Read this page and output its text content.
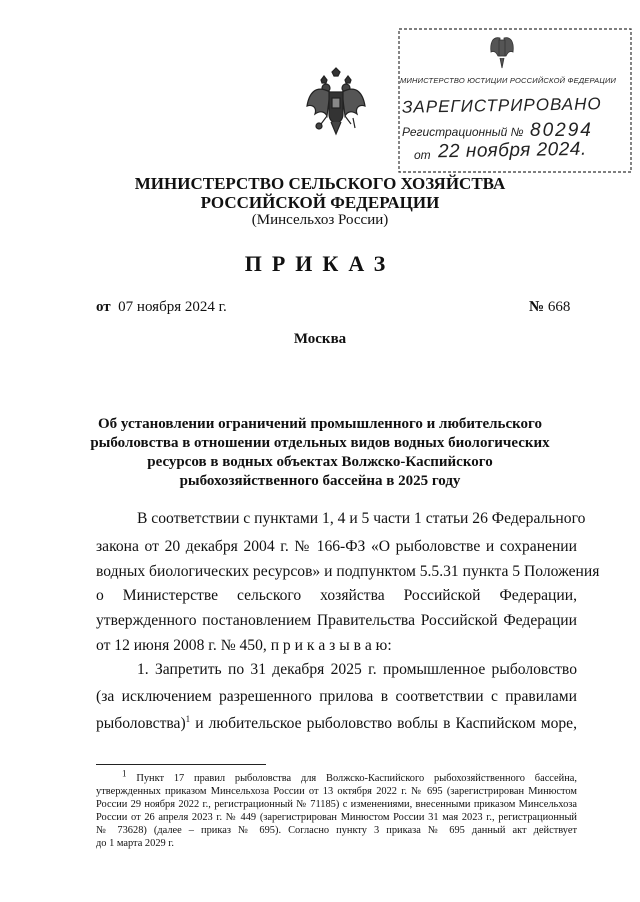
МИНИСТЕРСТВО ЮСТИЦИИ РОССИЙСКОЙ ФЕДЕРАЦИИ
ЗАРЕГИСТРИРОВАНО
Регистрационный № 80294
от 22 ноября 2024.
МИНИСТЕРСТВО СЕЛЬСКОГО ХОЗЯЙСТВА
РОССИЙСКОЙ ФЕДЕРАЦИИ
(Минсельхоз России)
ПРИКАЗ
от 07 ноября 2024 г.	№ 668
Москва
Об установлении ограничений промышленного и любительского
рыболовства в отношении отдельных видов водных биологических
ресурсов в водных объектах Волжско-Каспийского
рыбохозяйственного бассейна в 2025 году
В соответствии с пунктами 1, 4 и 5 части 1 статьи 26 Федерального
закона от 20 декабря 2004 г. № 166-ФЗ «О рыболовстве и сохранении
водных биологических ресурсов» и подпунктом 5.5.31 пункта 5 Положения
о Министерстве сельского хозяйства Российской Федерации,
утвержденного постановлением Правительства Российской Федерации
от 12 июня 2008 г. № 450, п р и к а з ы в а ю:
1. Запретить по 31 декабря 2025 г. промышленное рыболовство
(за исключением разрешенного прилова в соответствии с правилами
рыболовства)$^1$ и любительское рыболовство воблы в Каспийском море,
$^1$ Пункт 17 правил рыболовства для Волжско-Каспийского рыбохозяйственного бассейна,
утвержденных приказом Минсельхоза России от 13 октября 2022 г. № 695 (зарегистрирован Минюстом
России 29 ноября 2022 г., регистрационный № 71185) с изменениями, внесенными приказом Минсельхоза
России от 26 апреля 2023 г. № 449 (зарегистрирован Минюстом России 31 мая 2023 г., регистрационный
№ 73628) (далее – приказ № 695). Согласно пункту 3 приказа № 695 данный акт действует
до 1 марта 2029 г.
